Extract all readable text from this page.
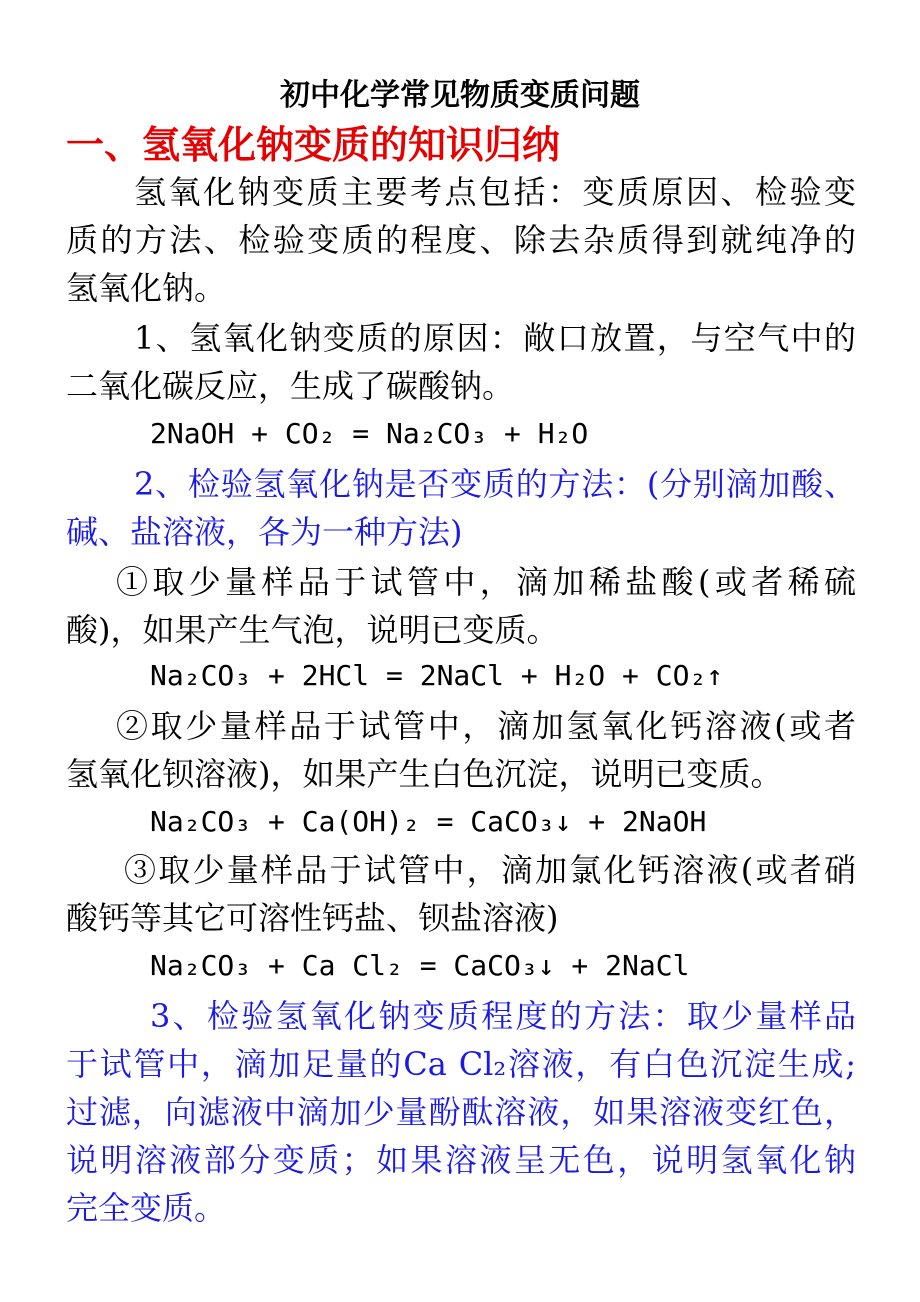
初中化学常见物质变质问题
一、氢氧化钠变质的知识归纳
氢氧化钠变质主要考点包括：变质原因、检验变
质的方法、检验变质的程度、除去杂质得到就纯净的
氢氧化钠。
1、氢氧化钠变质的原因：敞口放置，与空气中的
二氧化碳反应，生成了碳酸钠。
2NaOH + CO₂ = Na₂CO₃ + H₂O
2、检验氢氧化钠是否变质的方法：(分别滴加酸、
碱、盐溶液，各为一种方法)
①取少量样品于试管中，滴加稀盐酸(或者稀硫
酸)，如果产生气泡，说明已变质。
Na₂CO₃ + 2HCl = 2NaCl + H₂O + CO₂↑
②取少量样品于试管中，滴加氢氧化钙溶液(或者
氢氧化钡溶液)，如果产生白色沉淀，说明已变质。
Na₂CO₃ + Ca(OH)₂ = CaCO₃↓ + 2NaOH
③取少量样品于试管中，滴加氯化钙溶液(或者硝
酸钙等其它可溶性钙盐、钡盐溶液)
Na₂CO₃ + Ca Cl₂ = CaCO₃↓ + 2NaCl
3、检验氢氧化钠变质程度的方法：取少量样品
于试管中，滴加足量的Ca Cl₂溶液，有白色沉淀生成;
过滤，向滤液中滴加少量酚酞溶液，如果溶液变红色，
说明溶液部分变质；如果溶液呈无色，说明氢氧化钠
完全变质。
